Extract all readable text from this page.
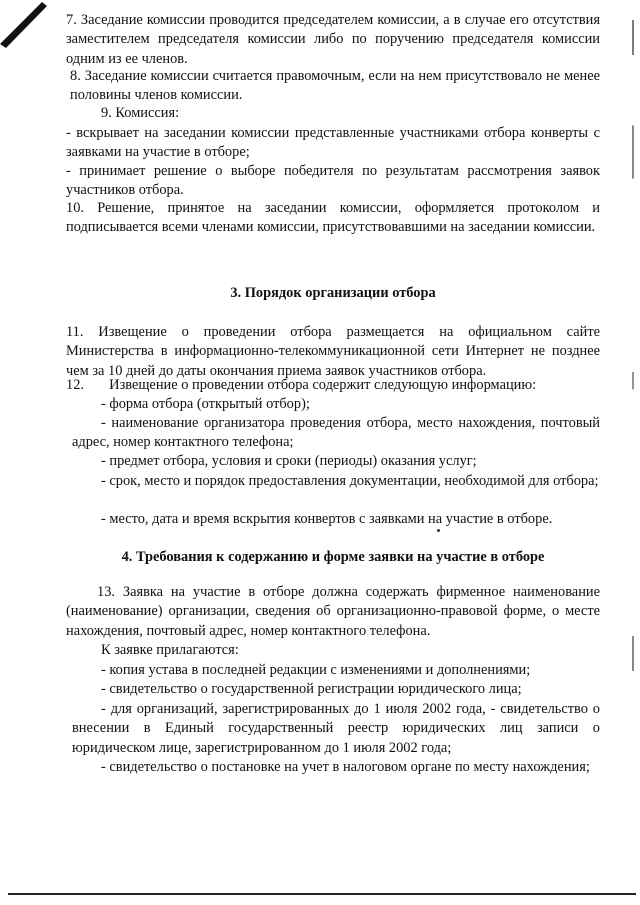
7. Заседание комиссии проводится председателем комиссии, а в случае его отсутствия заместителем председателя комиссии либо по поручению председателя комиссии одним из ее членов.

8. Заседание комиссии считается правомочным, если на нем присутствовало не менее половины членов комиссии.

9. Комиссия:

- вскрывает на заседании комиссии представленные участниками отбора конверты с заявками на участие в отборе;

- принимает решение о выборе победителя по результатам рассмотрения заявок участников отбора.

10. Решение, принятое на заседании комиссии, оформляется протоколом и подписывается всеми членами комиссии, присутствовавшими на заседании комиссии.

3. Порядок организации отбора

11. Извещение о проведении отбора размещается на официальном сайте Министерства в информационно-телекоммуникационной сети Интернет не позднее чем за 10 дней до даты окончания приема заявок участников отбора.

12.       Извещение о проведении отбора содержит следующую информацию:

- форма отбора (открытый отбор);

- наименование организатора проведения отбора, место нахождения, почтовый адрес, номер контактного телефона;

- предмет отбора, условия и сроки (периоды) оказания услуг;

- срок, место и порядок предоставления документации, необходимой для отбора;

- место, дата и время вскрытия конвертов с заявками на участие в отборе.

4. Требования к содержанию и форме заявки на участие в отборе

13. Заявка на участие в отборе должна содержать фирменное наименование (наименование) организации, сведения об организационно-правовой форме, о месте нахождения, почтовый адрес, номер контактного телефона.

К заявке прилагаются:

- копия устава в последней редакции с изменениями и дополнениями;

- свидетельство о государственной регистрации юридического лица;

- для организаций, зарегистрированных до 1 июля 2002 года, - свидетельство о внесении в Единый государственный реестр юридических лиц записи о юридическом лице, зарегистрированном до 1 июля 2002 года;

- свидетельство о постановке на учет в налоговом органе по месту нахождения;
